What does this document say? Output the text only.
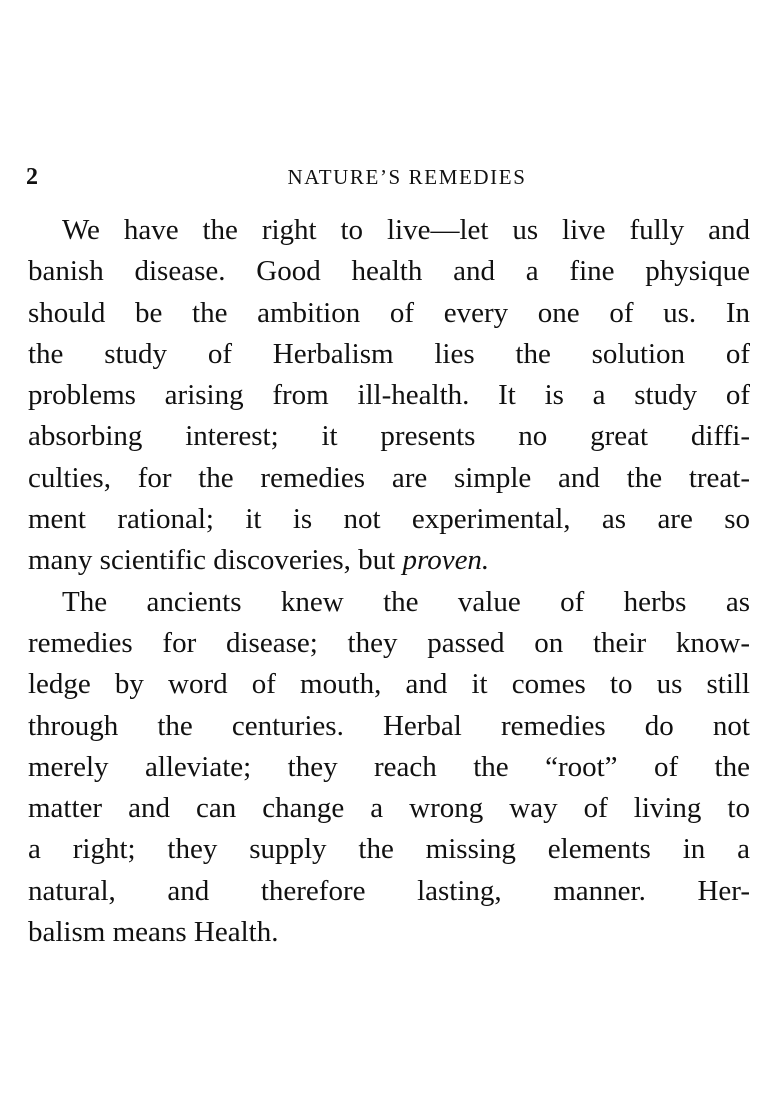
2	NATURE’S REMEDIES
We have the right to live—let us live fully and
banish disease. Good health and a fine physique
should be the ambition of every one of us. In
the study of Herbalism lies the solution of
problems arising from ill-health. It is a study of
absorbing interest; it presents no great diffi-
culties, for the remedies are simple and the treat-
ment rational; it is not experimental, as are so
many scientific discoveries, but proven.
The ancients knew the value of herbs as
remedies for disease; they passed on their know-
ledge by word of mouth, and it comes to us still
through the centuries. Herbal remedies do not
merely alleviate; they reach the “root” of the
matter and can change a wrong way of living to
a right; they supply the missing elements in a
natural, and therefore lasting, manner. Her-
balism means Health.
